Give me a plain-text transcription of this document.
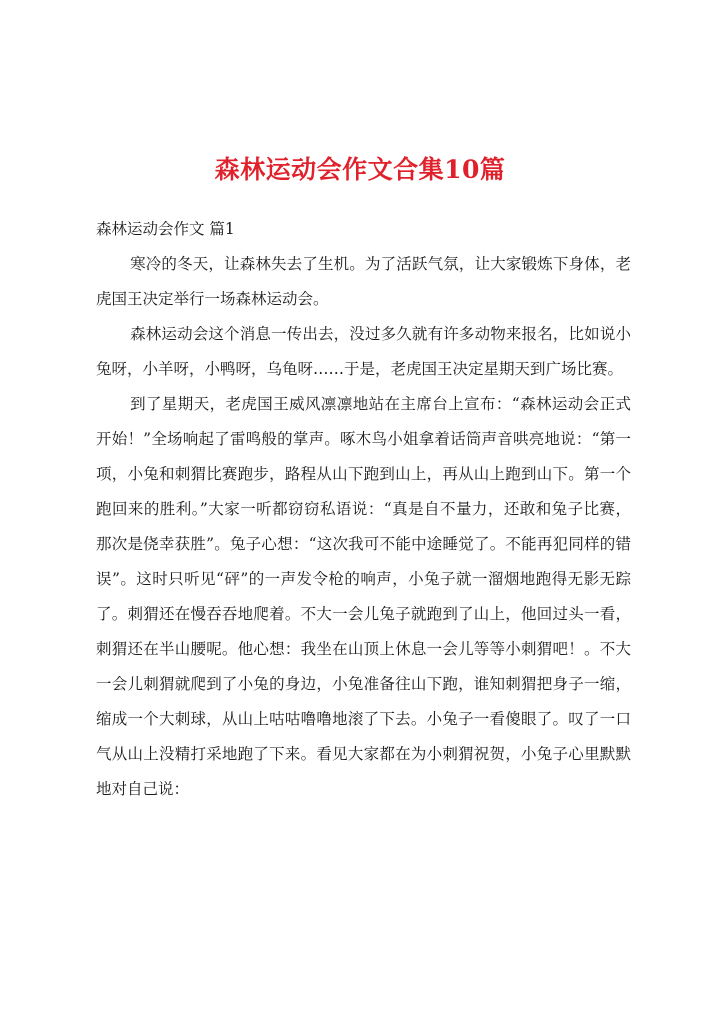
森林运动会作文合集10篇

森林运动会作文 篇1

寒冷的冬天，让森林失去了生机。为了活跃气氛，让大家锻炼下身体，老虎国王决定举行一场森林运动会。

森林运动会这个消息一传出去，没过多久就有许多动物来报名，比如说小兔呀，小羊呀，小鸭呀，乌龟呀……于是，老虎国王决定星期天到广场比赛。

到了星期天，老虎国王威风凛凛地站在主席台上宣布：“森林运动会正式开始！”全场响起了雷鸣般的掌声。啄木鸟小姐拿着话筒声音哄亮地说：“第一项，小兔和刺猬比赛跑步，路程从山下跑到山上，再从山上跑到山下。第一个跑回来的胜利。”大家一听都窃窃私语说：“真是自不量力，还敢和兔子比赛，那次是侥幸获胜”。兔子心想：“这次我可不能中途睡觉了。不能再犯同样的错误”。这时只听见“砰”的一声发令枪的响声，小兔子就一溜烟地跑得无影无踪了。刺猬还在慢吞吞地爬着。不大一会儿兔子就跑到了山上，他回过头一看，刺猬还在半山腰呢。他心想：我坐在山顶上休息一会儿等等小刺猬吧！。不大一会儿刺猬就爬到了小兔的身边，小兔准备往山下跑，谁知刺猬把身子一缩，缩成一个大刺球，从山上咕咕噜噜地滚了下去。小兔子一看傻眼了。叹了一口气从山上没精打采地跑了下来。看见大家都在为小刺猬祝贺，小兔子心里默默地对自己说：
